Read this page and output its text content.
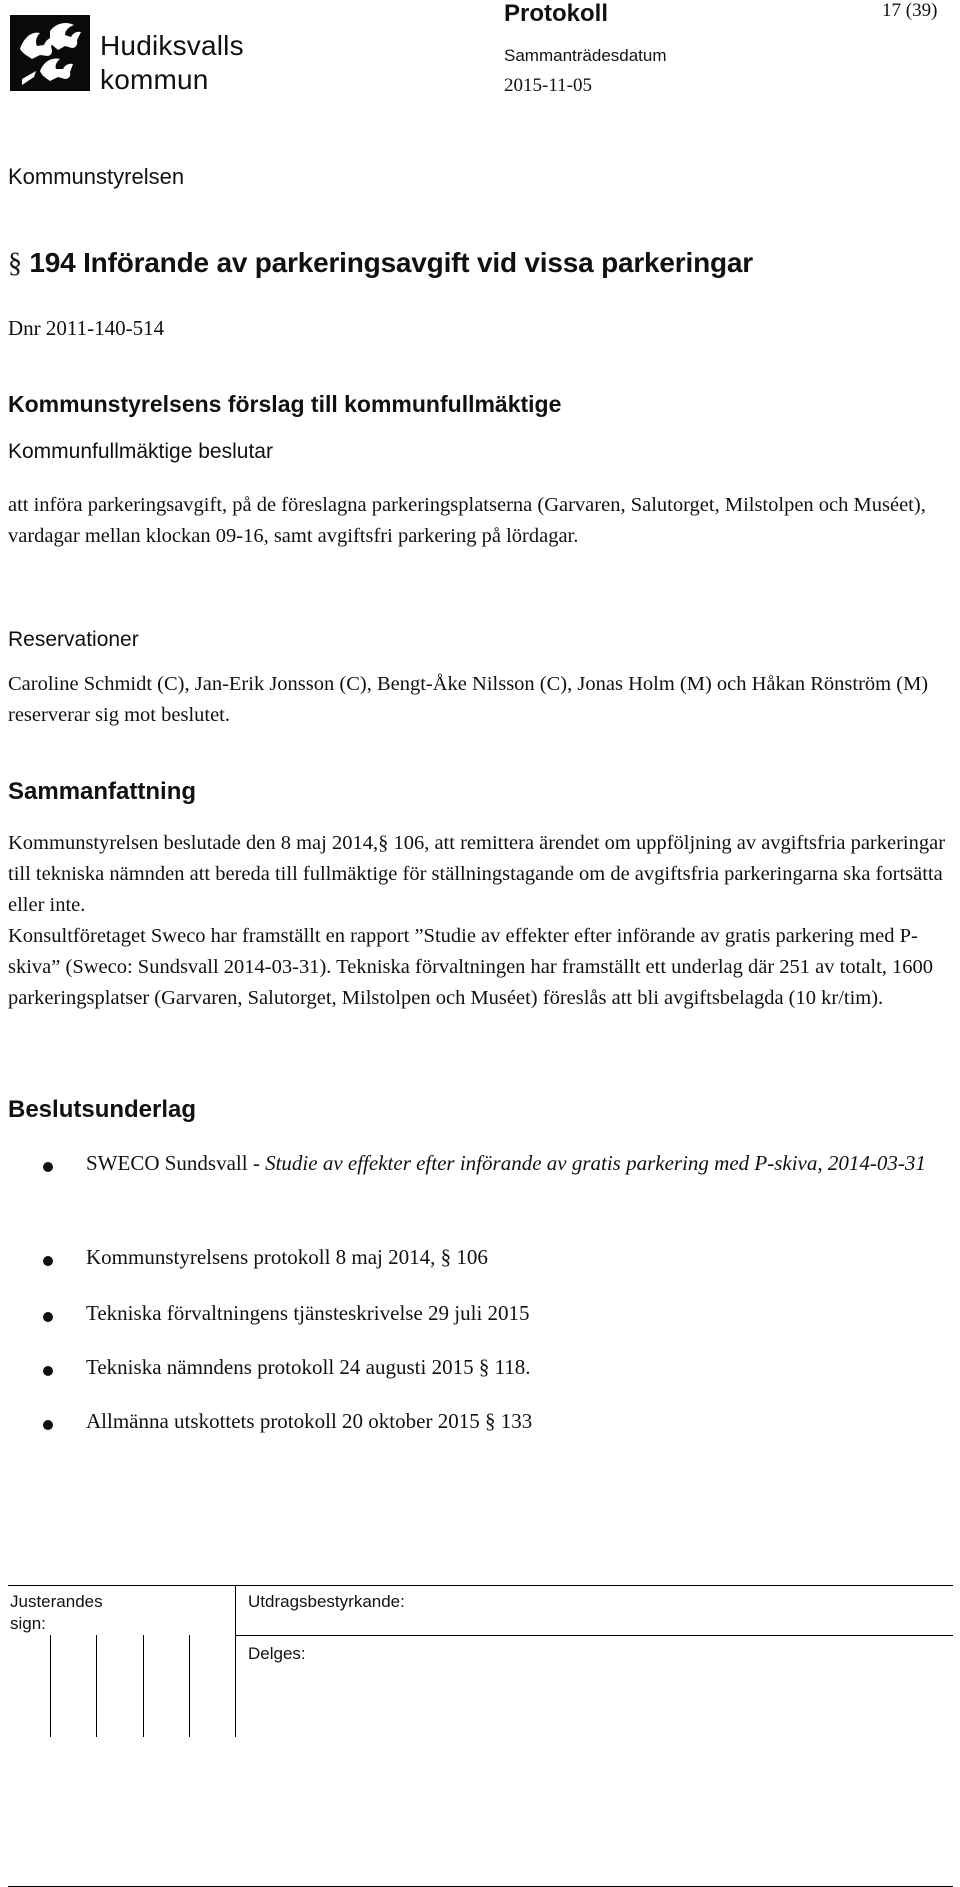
Hudiksvalls
kommun
Protokoll	17 (39)
Sammanträdesdatum
2015-11-05
Kommunstyrelsen
§ 194 Införande av parkeringsavgift vid vissa parkeringar
Dnr 2011-140-514
Kommunstyrelsens förslag till kommunfullmäktige
Kommunfullmäktige beslutar
att införa parkeringsavgift, på de föreslagna parkeringsplatserna (Garvaren, Salutorget, Milstolpen och Muséet), vardagar mellan klockan 09-16, samt avgiftsfri parkering på lördagar.
Reservationer
Caroline Schmidt (C), Jan-Erik Jonsson (C), Bengt-Åke Nilsson (C), Jonas Holm (M) och Håkan Rönström (M) reserverar sig mot beslutet.
Sammanfattning
Kommunstyrelsen beslutade den 8 maj 2014,§ 106, att remittera ärendet om uppföljning av avgiftsfria parkeringar till tekniska nämnden att bereda till fullmäktige för ställningstagande om de avgiftsfria parkeringarna ska fortsätta eller inte.
Konsultföretaget Sweco har framställt en rapport ”Studie av effekter efter införande av gratis parkering med P-skiva” (Sweco: Sundsvall 2014-03-31). Tekniska förvaltningen har framställt ett underlag där 251 av totalt, 1600 parkeringsplatser (Garvaren, Salutorget, Milstolpen och Muséet) föreslås att bli avgiftsbelagda (10 kr/tim).
Beslutsunderlag
SWECO Sundsvall - Studie av effekter efter införande av gratis parkering med P-skiva, 2014-03-31
Kommunstyrelsens protokoll 8 maj 2014, § 106
Tekniska förvaltningens tjänsteskrivelse 29 juli 2015
Tekniska nämndens protokoll 24 augusti 2015 § 118.
Allmänna utskottets protokoll 20 oktober 2015 § 133
Justerandes
sign:
Utdragsbestyrkande:
Delges:
